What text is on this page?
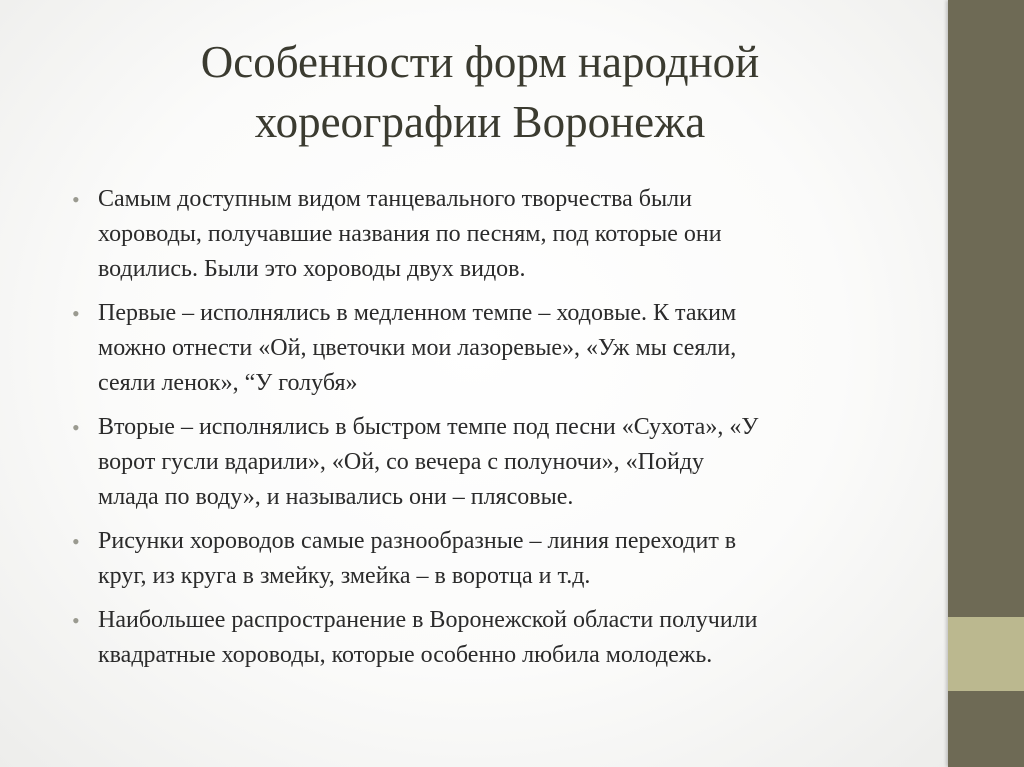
Особенности форм народной
хореографии Воронежа
• Самым доступным видом танцевального творчества были
хороводы, получавшие названия по песням, под которые они
водились. Были это хороводы двух видов.
• Первые – исполнялись в медленном темпе – ходовые. К таким
можно отнести «Ой, цветочки мои лазоревые», «Уж мы сеяли,
сеяли ленок», “У голубя»
• Вторые – исполнялись в быстром темпе под песни «Сухота», «У
ворот гусли вдарили», «Ой, со вечера с полуночи», «Пойду
млада по воду», и назывались они – плясовые.
• Рисунки хороводов самые разнообразные – линия переходит в
круг, из круга в змейку, змейка – в воротца и т.д.
• Наибольшее распространение в Воронежской области получили
квадратные хороводы, которые особенно любила молодежь.
